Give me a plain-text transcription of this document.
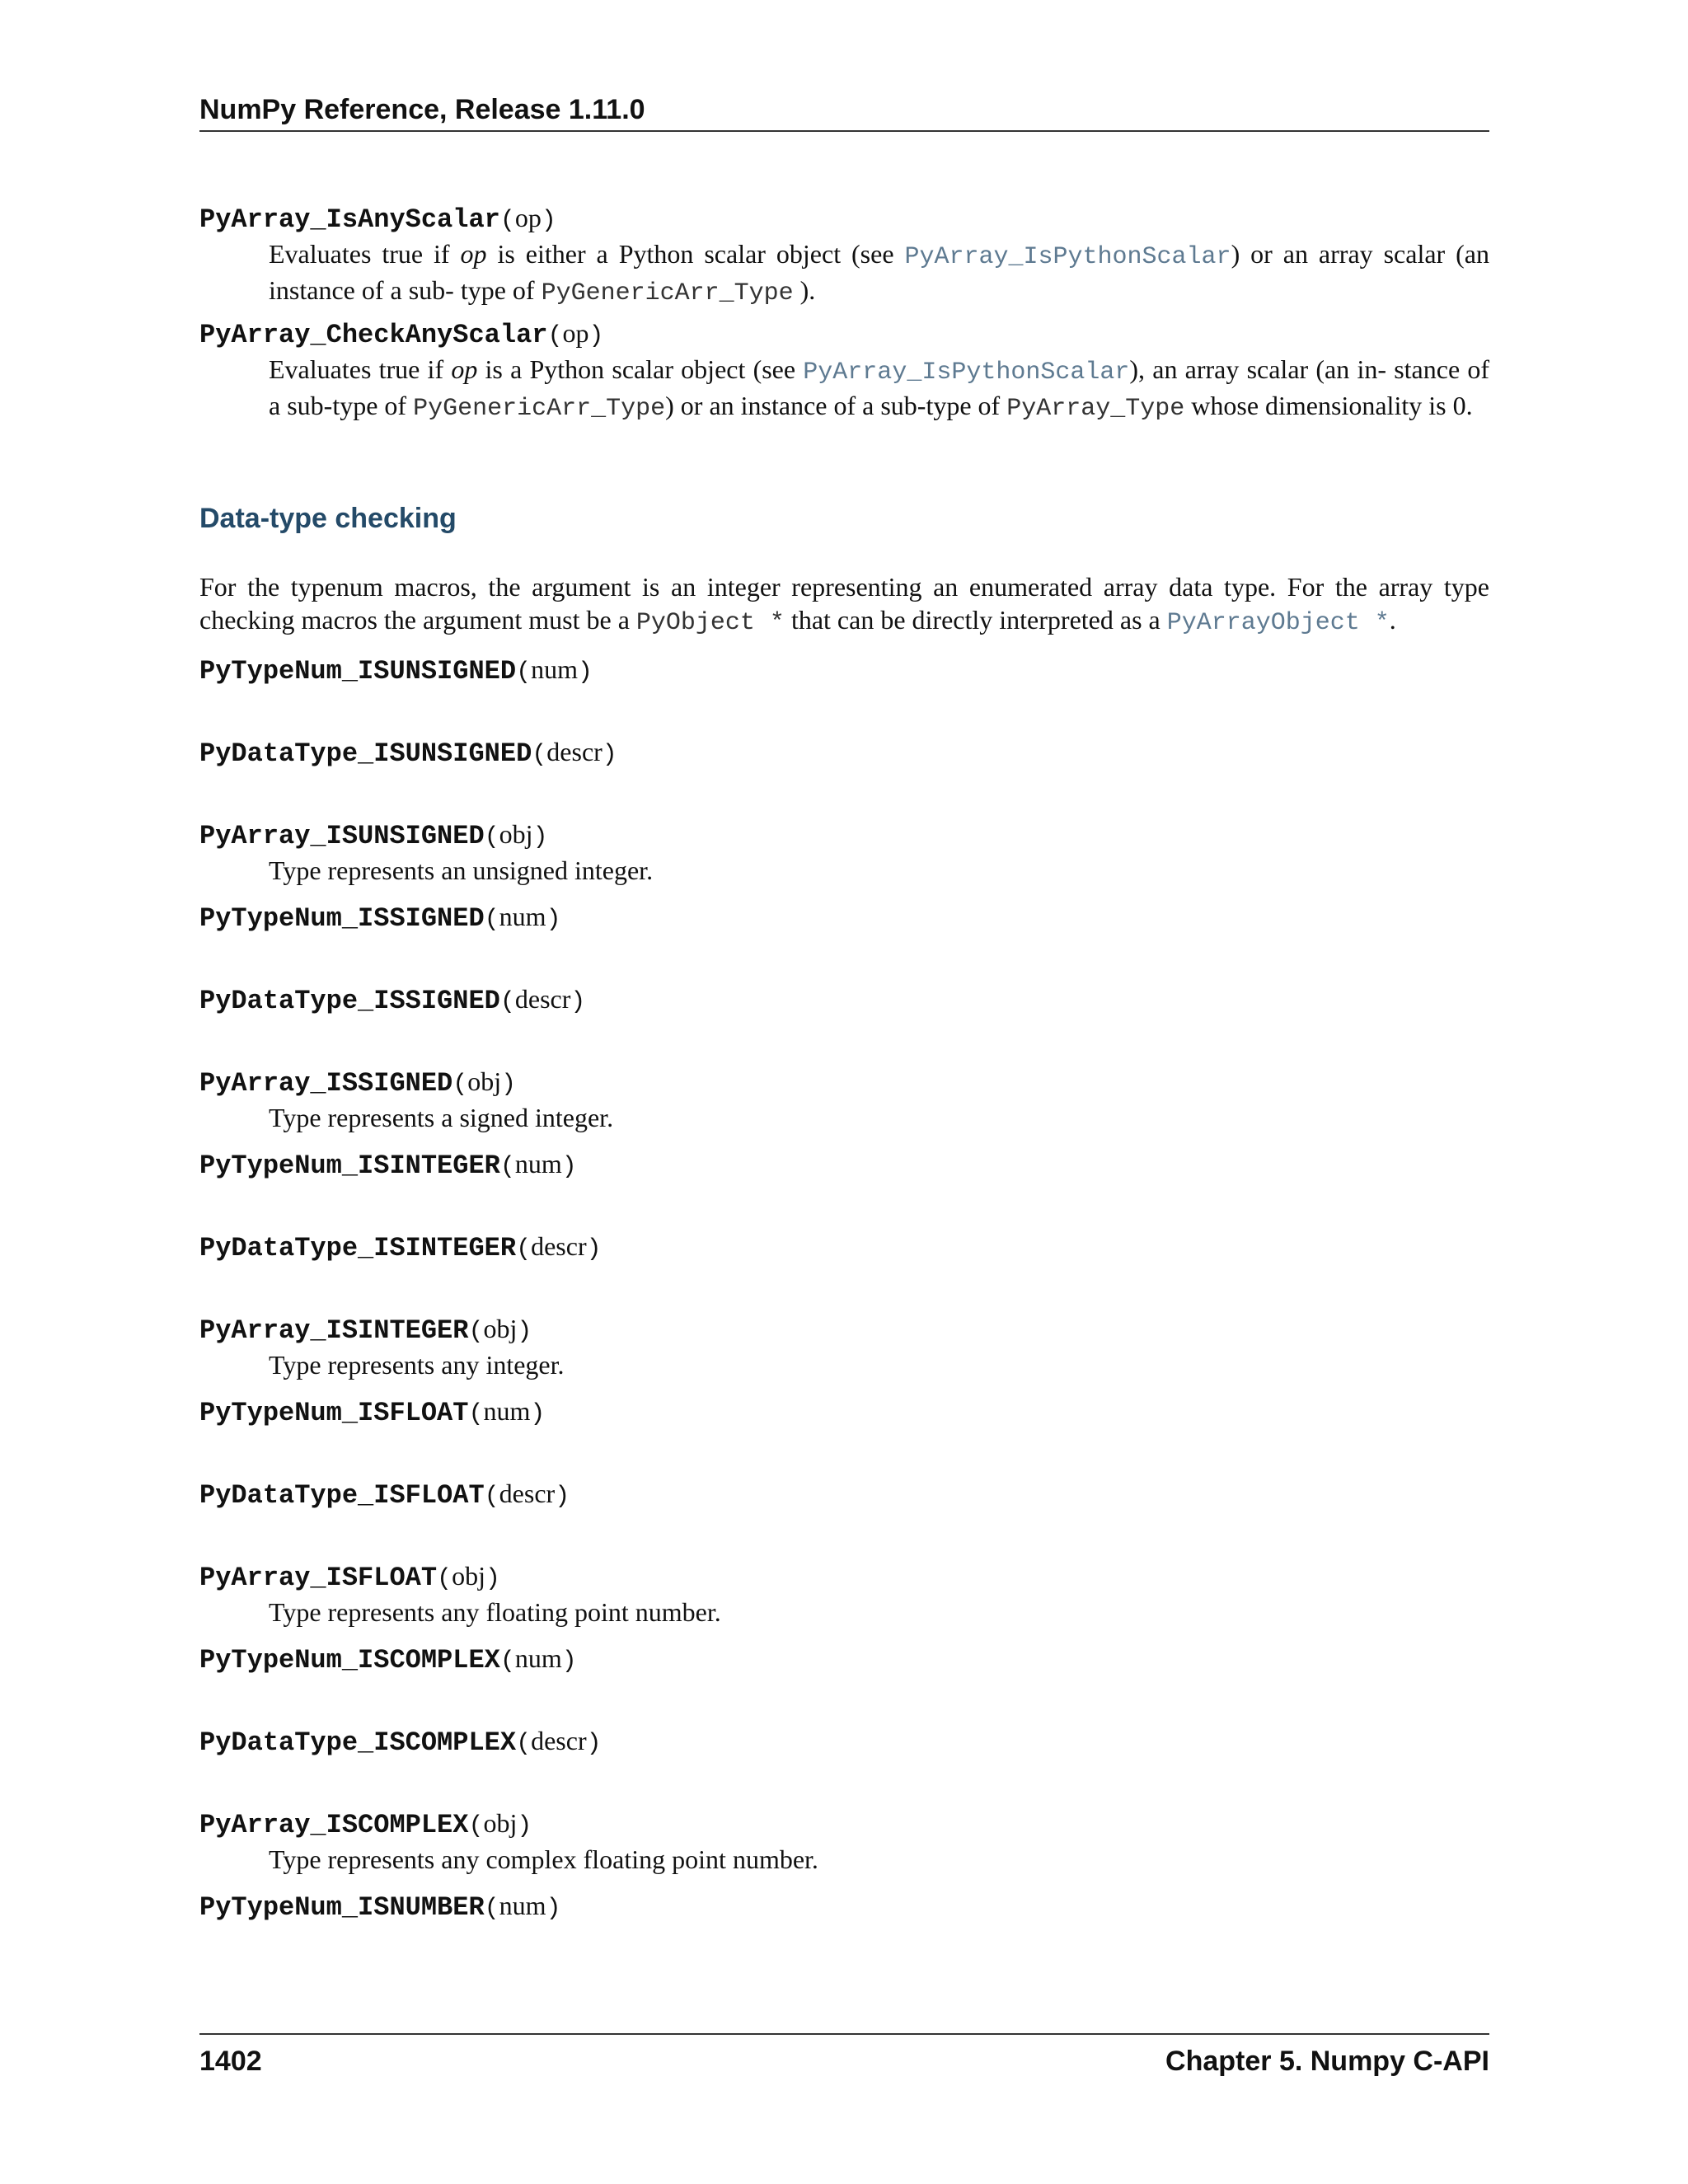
NumPy Reference, Release 1.11.0
PyArray_IsAnyScalar(op)
Evaluates true if op is either a Python scalar object (see PyArray_IsPythonScalar) or an array scalar (an instance of a sub- type of PyGenericArr_Type ).
PyArray_CheckAnyScalar(op)
Evaluates true if op is a Python scalar object (see PyArray_IsPythonScalar), an array scalar (an in- stance of a sub-type of PyGenericArr_Type) or an instance of a sub-type of PyArray_Type whose dimensionality is 0.
Data-type checking
For the typenum macros, the argument is an integer representing an enumerated array data type. For the array type checking macros the argument must be a PyObject * that can be directly interpreted as a PyArrayObject *.
PyTypeNum_ISUNSIGNED(num)
PyDataType_ISUNSIGNED(descr)
PyArray_ISUNSIGNED(obj)
Type represents an unsigned integer.
PyTypeNum_ISSIGNED(num)
PyDataType_ISSIGNED(descr)
PyArray_ISSIGNED(obj)
Type represents a signed integer.
PyTypeNum_ISINTEGER(num)
PyDataType_ISINTEGER(descr)
PyArray_ISINTEGER(obj)
Type represents any integer.
PyTypeNum_ISFLOAT(num)
PyDataType_ISFLOAT(descr)
PyArray_ISFLOAT(obj)
Type represents any floating point number.
PyTypeNum_ISCOMPLEX(num)
PyDataType_ISCOMPLEX(descr)
PyArray_ISCOMPLEX(obj)
Type represents any complex floating point number.
PyTypeNum_ISNUMBER(num)
1402	Chapter 5. Numpy C-API
